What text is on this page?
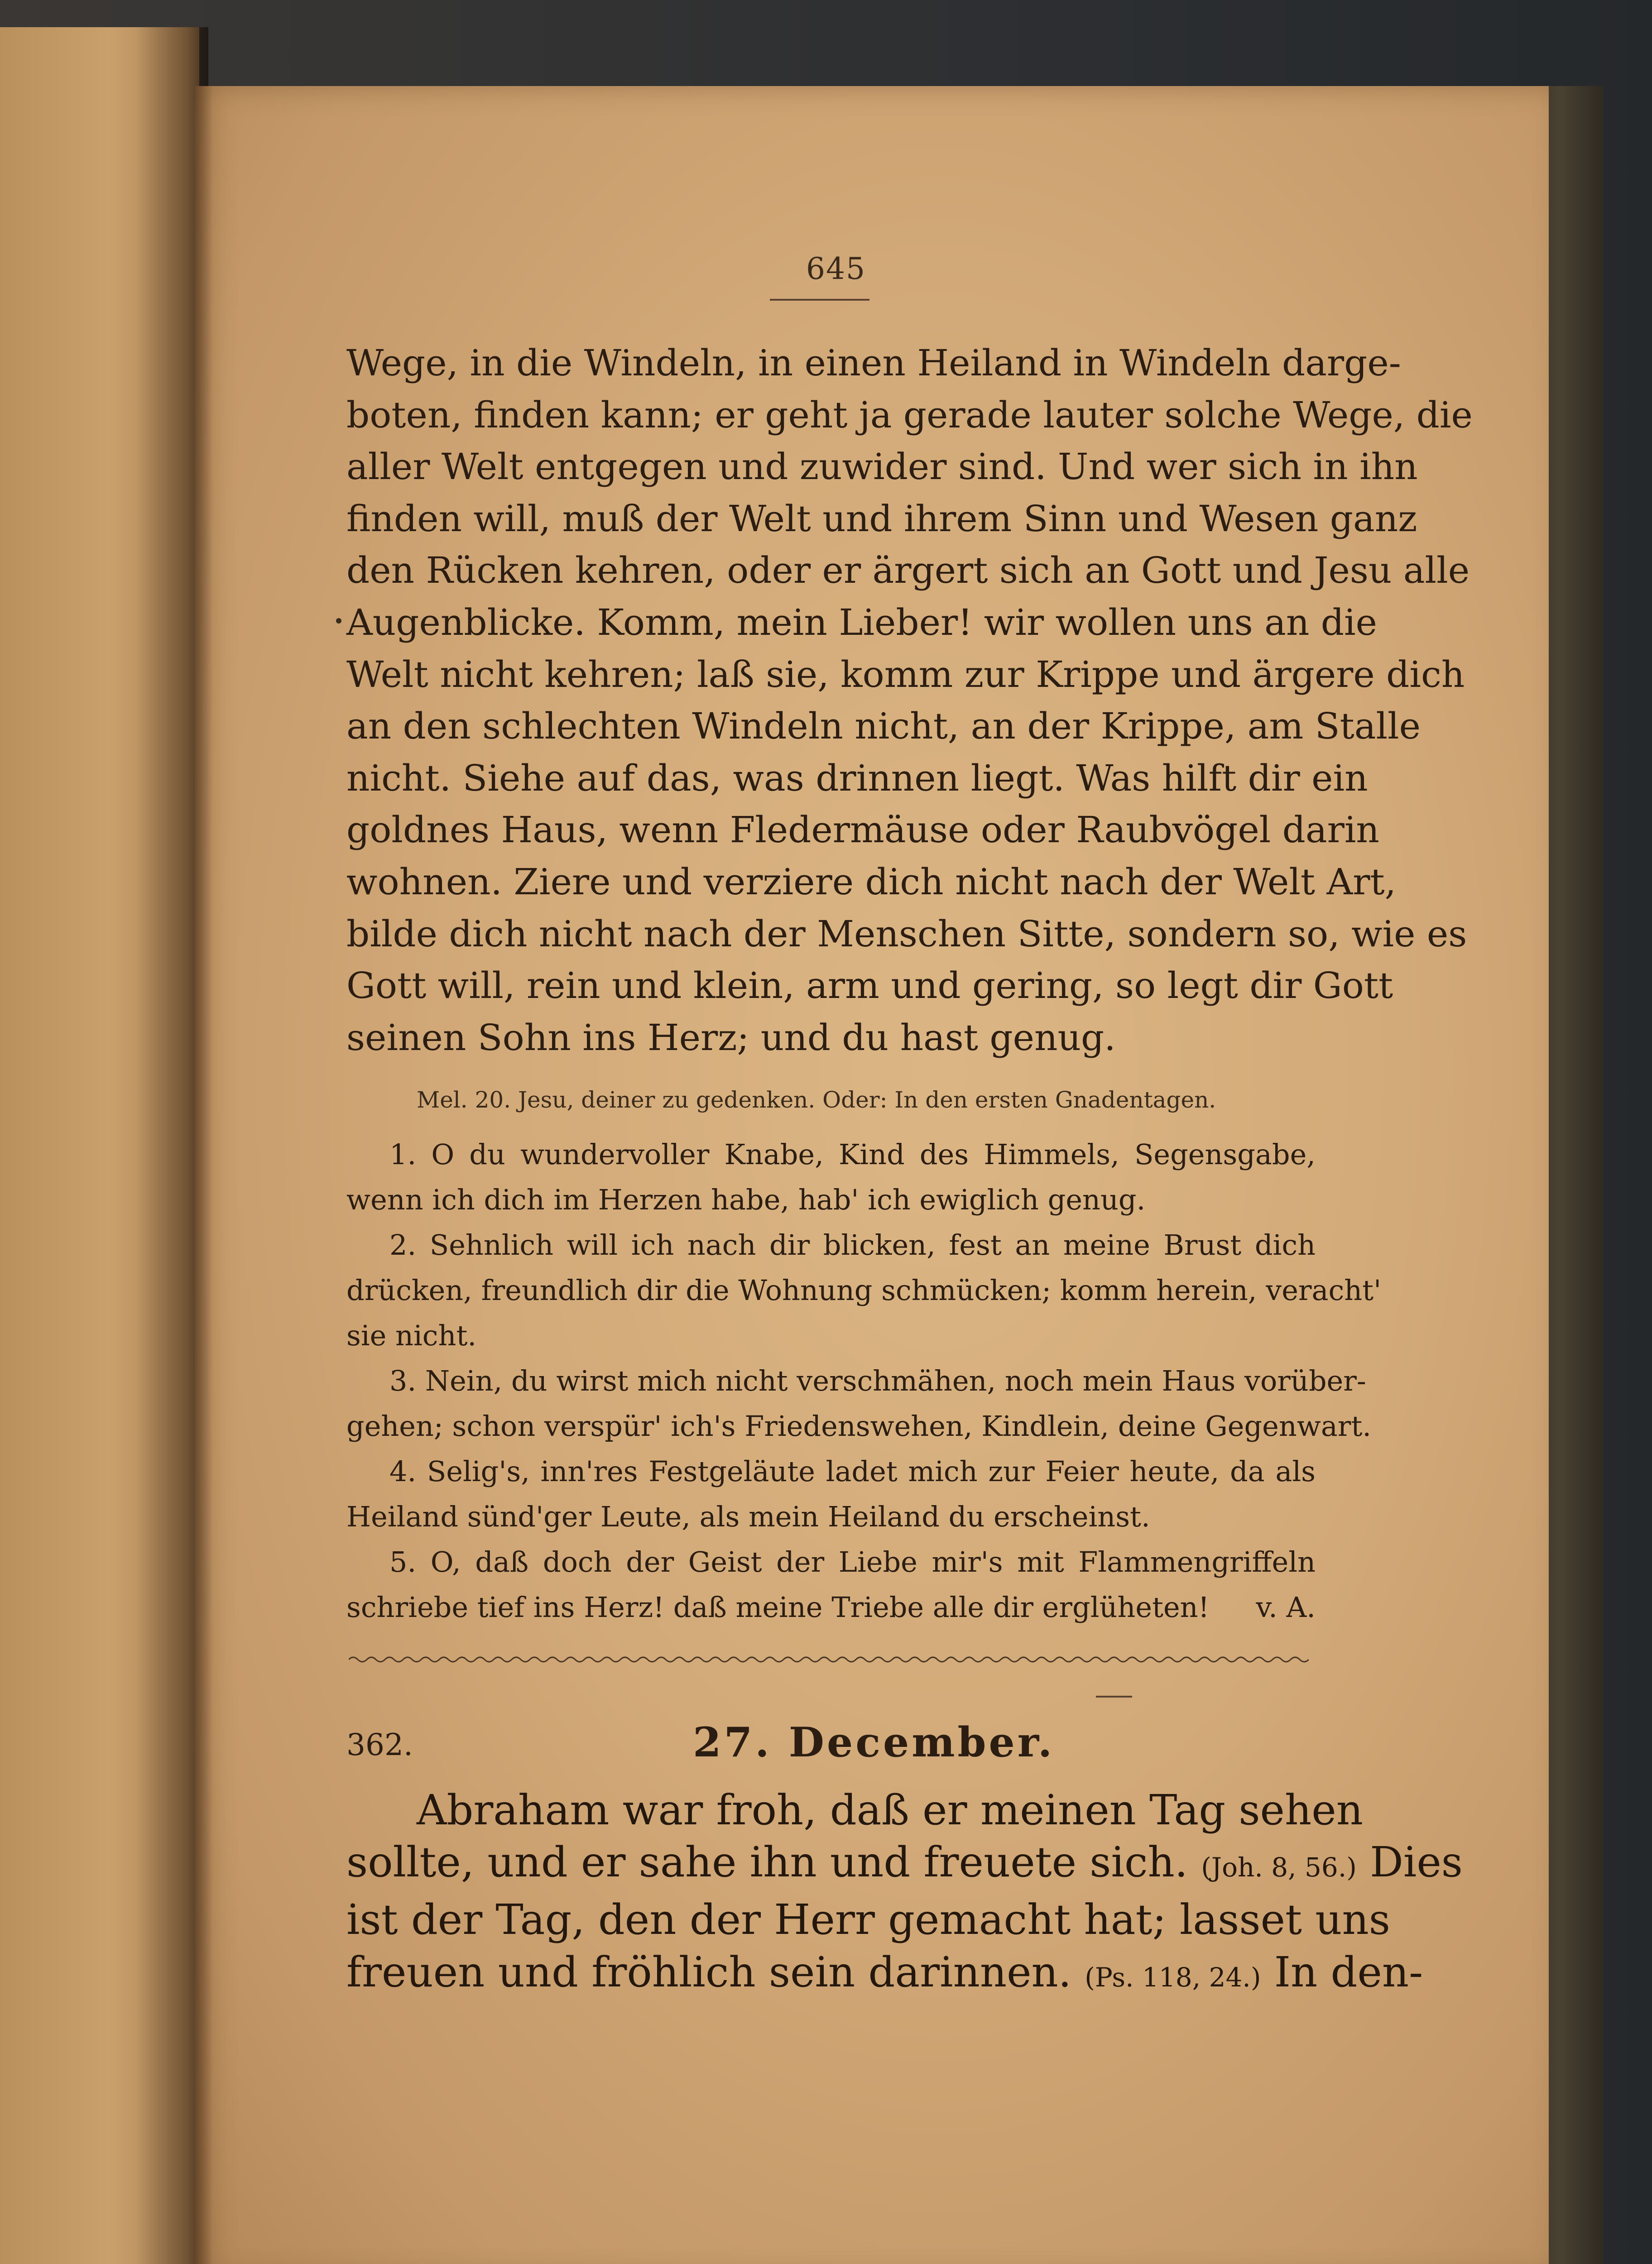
645
Wege, in die Windeln, in einen Heiland in Windeln darge-
boten, finden kann; er geht ja gerade lauter solche Wege, die
aller Welt entgegen und zuwider sind. Und wer sich in ihn
finden will, muß der Welt und ihrem Sinn und Wesen ganz
den Rücken kehren, oder er ärgert sich an Gott und Jesu alle
Augenblicke. Komm, mein Lieber! wir wollen uns an die
Welt nicht kehren; laß sie, komm zur Krippe und ärgere dich
an den schlechten Windeln nicht, an der Krippe, am Stalle
nicht. Siehe auf das, was drinnen liegt. Was hilft dir ein
goldnes Haus, wenn Fledermäuse oder Raubvögel darin
wohnen. Ziere und verziere dich nicht nach der Welt Art,
bilde dich nicht nach der Menschen Sitte, sondern so, wie es
Gott will, rein und klein, arm und gering, so legt dir Gott
seinen Sohn ins Herz; und du hast genug.
Mel. 20. Jesu, deiner zu gedenken. Oder: In den ersten Gnadentagen.
1. O du wundervoller Knabe, Kind des Himmels, Segensgabe,
wenn ich dich im Herzen habe, hab' ich ewiglich genug.
2. Sehnlich will ich nach dir blicken, fest an meine Brust dich
drücken, freundlich dir die Wohnung schmücken; komm herein, veracht'
sie nicht.
3. Nein, du wirst mich nicht verschmähen, noch mein Haus vorüber-
gehen; schon verspür' ich's Friedenswehen, Kindlein, deine Gegenwart.
4. Selig's, inn'res Festgeläute ladet mich zur Feier heute, da als
Heiland sünd'ger Leute, als mein Heiland du erscheinst.
5. O, daß doch der Geist der Liebe mir's mit Flammengriffeln
schriebe tief ins Herz! daß meine Triebe alle dir erglüheten! v. A.
362.	27. December.
Abraham war froh, daß er meinen Tag sehen
sollte, und er sahe ihn und freuete sich. (Joh. 8, 56.) Dies
ist der Tag, den der Herr gemacht hat; lasset uns
freuen und fröhlich sein darinnen. (Ps. 118, 24.) In den-
